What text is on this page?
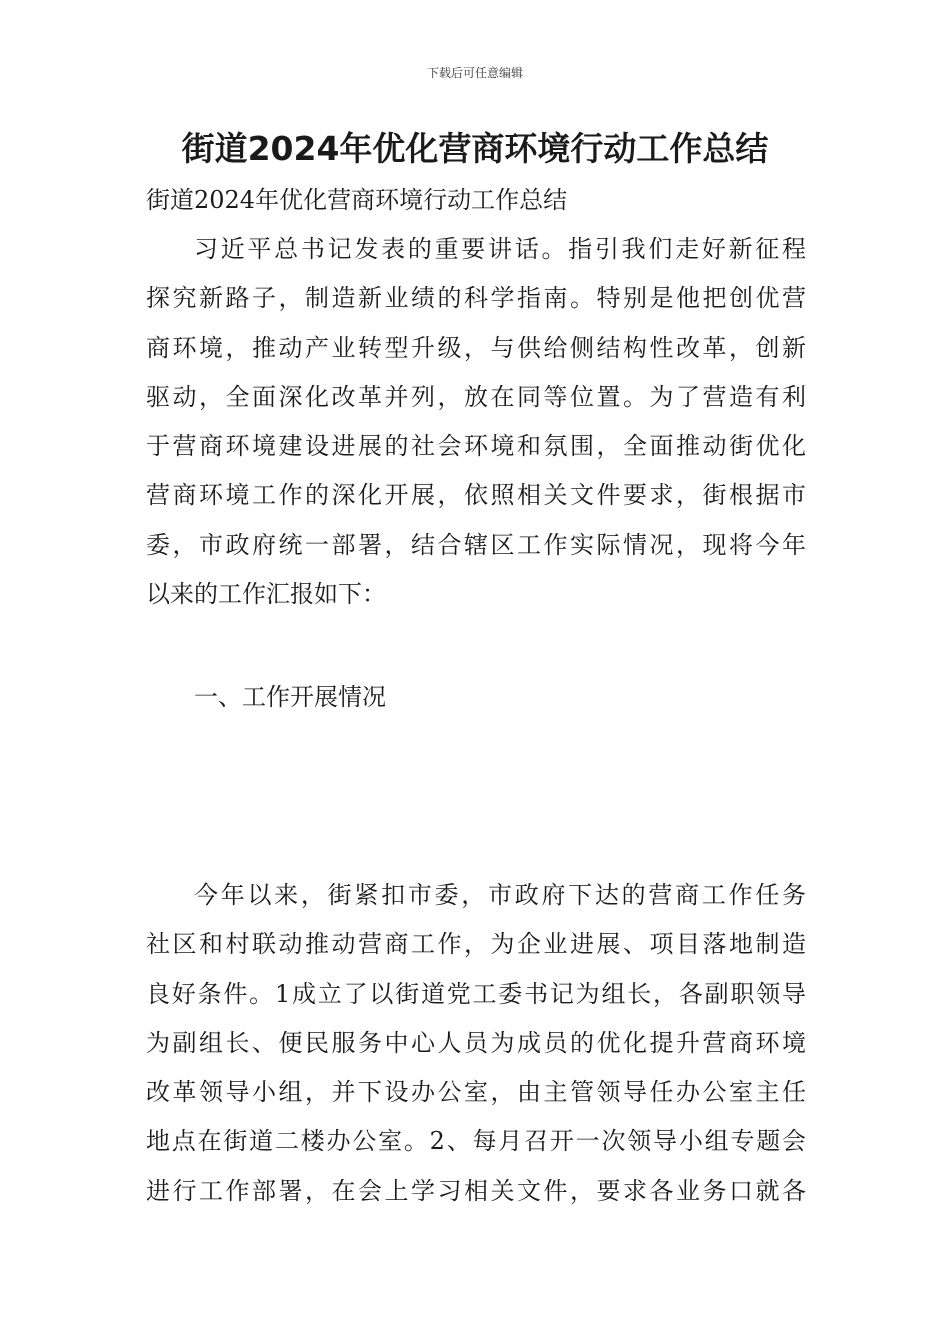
下载后可任意编辑
街道2024年优化营商环境行动工作总结

街道2024年优化营商环境行动工作总结

习近平总书记发表的重要讲话。指引我们走好新征程
探究新路子，制造新业绩的科学指南。特别是他把创优营
商环境，推动产业转型升级，与供给侧结构性改革，创新
驱动，全面深化改革并列，放在同等位置。为了营造有利
于营商环境建设进展的社会环境和氛围，全面推动街优化
营商环境工作的深化开展，依照相关文件要求，街根据市
委，市政府统一部署，结合辖区工作实际情况，现将今年
以来的工作汇报如下：

一、工作开展情况

今年以来，街紧扣市委，市政府下达的营商工作任务
社区和村联动推动营商工作，为企业进展、项目落地制造
良好条件。1成立了以街道党工委书记为组长，各副职领导
为副组长、便民服务中心人员为成员的优化提升营商环境
改革领导小组，并下设办公室，由主管领导任办公室主任
地点在街道二楼办公室。2、每月召开一次领导小组专题会
进行工作部署，在会上学习相关文件，要求各业务口就各
